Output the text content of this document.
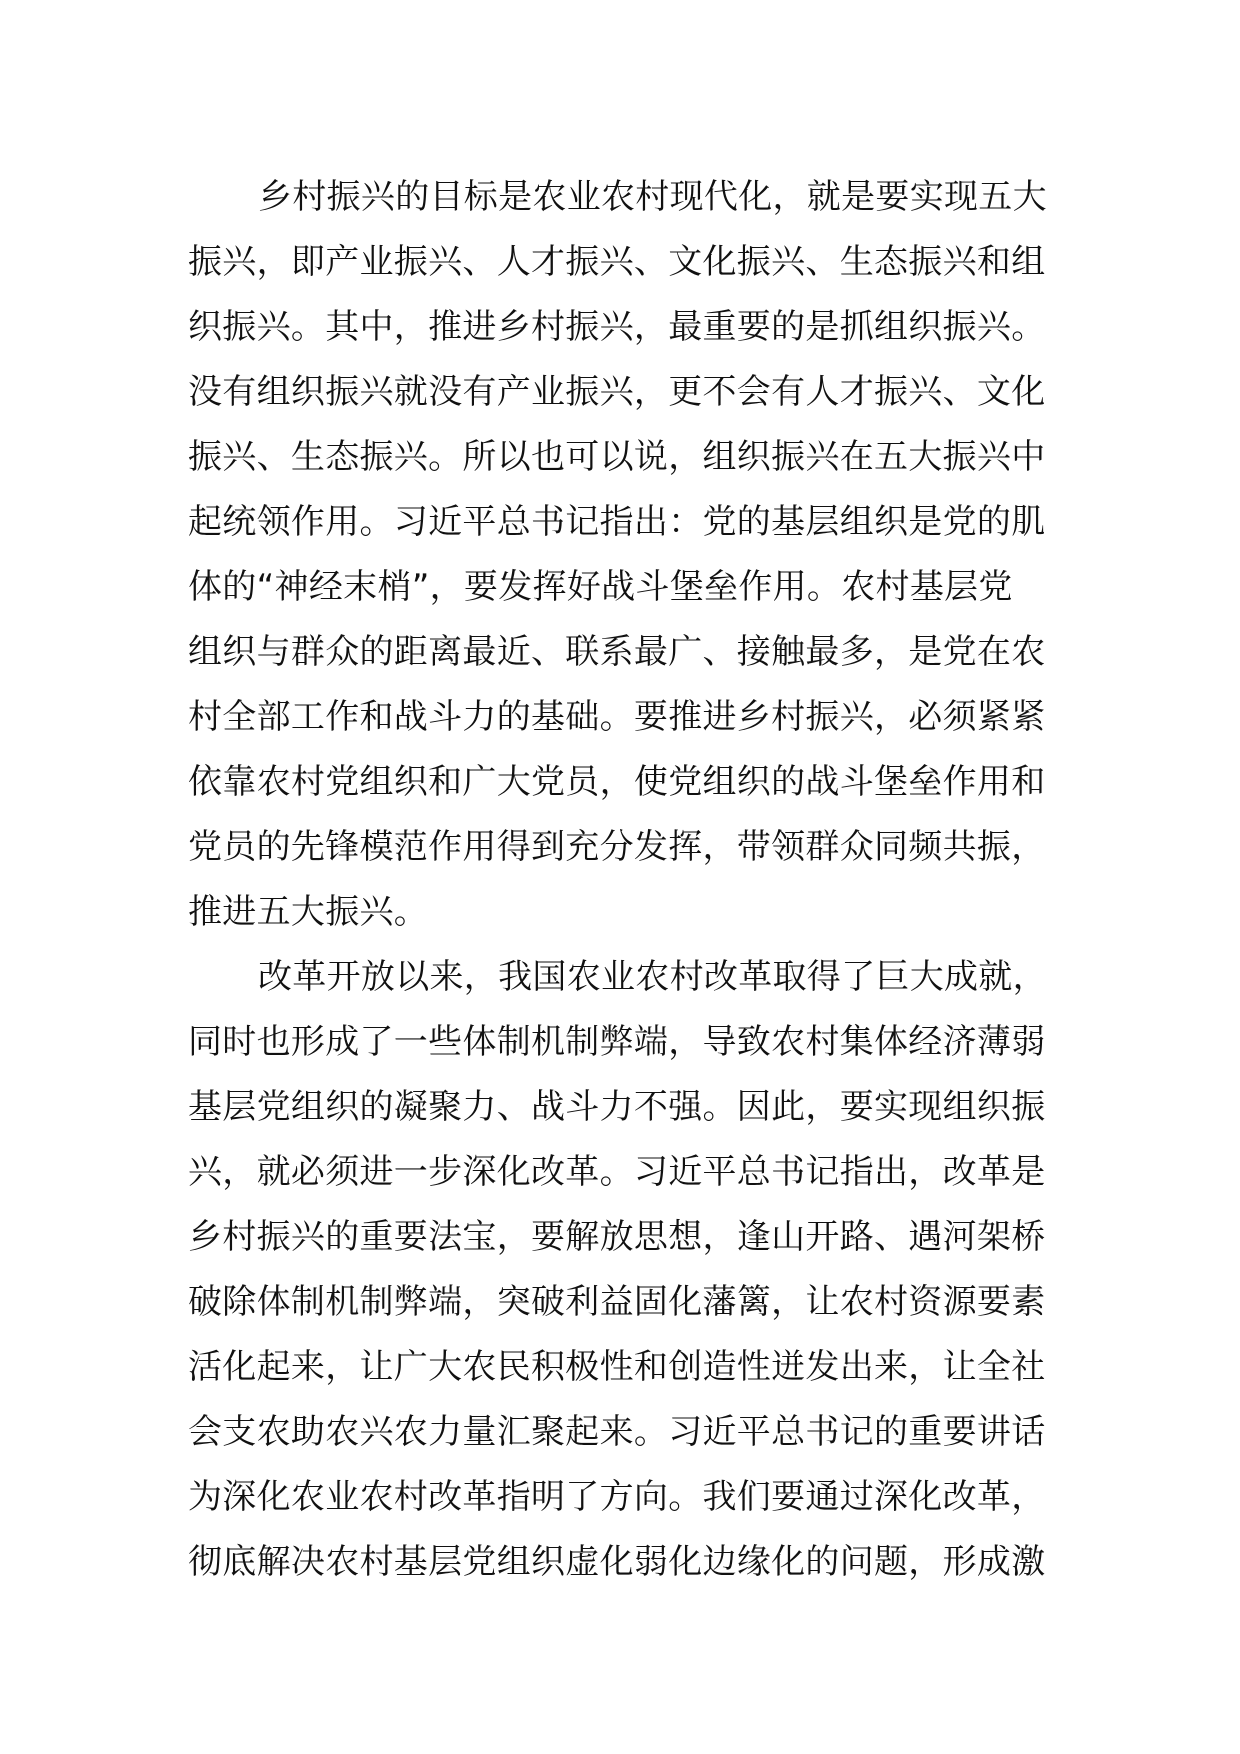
乡村振兴的目标是农业农村现代化，就是要实现五大
振兴，即产业振兴、人才振兴、文化振兴、生态振兴和组
织振兴。其中，推进乡村振兴，最重要的是抓组织振兴。
没有组织振兴就没有产业振兴，更不会有人才振兴、文化
振兴、生态振兴。所以也可以说，组织振兴在五大振兴中
起统领作用。习近平总书记指出：党的基层组织是党的肌
体的“神经末梢”，要发挥好战斗堡垒作用。农村基层党
组织与群众的距离最近、联系最广、接触最多，是党在农
村全部工作和战斗力的基础。要推进乡村振兴，必须紧紧
依靠农村党组织和广大党员，使党组织的战斗堡垒作用和
党员的先锋模范作用得到充分发挥，带领群众同频共振，
推进五大振兴。
改革开放以来，我国农业农村改革取得了巨大成就，
同时也形成了一些体制机制弊端，导致农村集体经济薄弱
基层党组织的凝聚力、战斗力不强。因此，要实现组织振
兴，就必须进一步深化改革。习近平总书记指出，改革是
乡村振兴的重要法宝，要解放思想，逢山开路、遇河架桥
破除体制机制弊端，突破利益固化藩篱，让农村资源要素
活化起来，让广大农民积极性和创造性迸发出来，让全社
会支农助农兴农力量汇聚起来。习近平总书记的重要讲话
为深化农业农村改革指明了方向。我们要通过深化改革，
彻底解决农村基层党组织虚化弱化边缘化的问题，形成激
